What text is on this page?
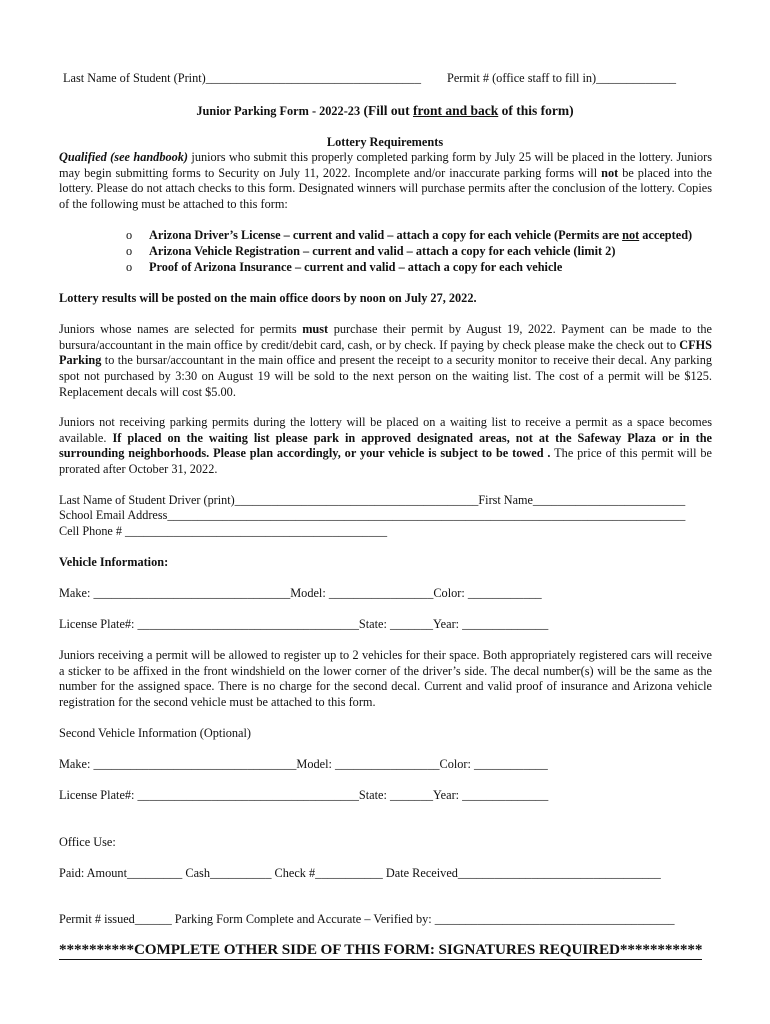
Last Name of Student (Print)___________________________________ Permit # (office staff to fill in)_____________
Junior Parking Form - 2022-23 (Fill out front and back of this form)
Lottery Requirements
Qualified (see handbook) juniors who submit this properly completed parking form by July 25 will be placed in the lottery. Juniors may begin submitting forms to Security on July 11, 2022. Incomplete and/or inaccurate parking forms will not be placed into the lottery. Please do not attach checks to this form. Designated winners will purchase permits after the conclusion of the lottery. Copies of the following must be attached to this form:
o Arizona Driver’s License – current and valid – attach a copy for each vehicle (Permits are not accepted)
o Arizona Vehicle Registration – current and valid – attach a copy for each vehicle (limit 2)
o Proof of Arizona Insurance – current and valid – attach a copy for each vehicle
Lottery results will be posted on the main office doors by noon on July 27, 2022.
Juniors whose names are selected for permits must purchase their permit by August 19, 2022. Payment can be made to the bursura/accountant in the main office by credit/debit card, cash, or by check. If paying by check please make the check out to CFHS Parking to the bursar/accountant in the main office and present the receipt to a security monitor to receive their decal. Any parking spot not purchased by 3:30 on August 19 will be sold to the next person on the waiting list. The cost of a permit will be $125. Replacement decals will cost $5.00.
Juniors not receiving parking permits during the lottery will be placed on a waiting list to receive a permit as a space becomes available. If placed on the waiting list please park in approved designated areas, not at the Safeway Plaza or in the surrounding neighborhoods. Please plan accordingly, or your vehicle is subject to be towed . The price of this permit will be prorated after October 31, 2022.
Last Name of Student Driver (print)________________________________________First Name_________________________
School Email Address_____________________________________________________________________________________
Cell Phone # ___________________________________________
Vehicle Information:
Make: ________________________________Model: _________________Color: ____________
License Plate#: ____________________________________State: _______Year: ______________
Juniors receiving a permit will be allowed to register up to 2 vehicles for their space. Both appropriately registered cars will receive a sticker to be affixed in the front windshield on the lower corner of the driver’s side. The decal number(s) will be the same as the number for the assigned space. There is no charge for the second decal. Current and valid proof of insurance and Arizona vehicle registration for the second vehicle must be attached to this form.
Second Vehicle Information (Optional)
Make: _________________________________Model: _________________Color: ____________
License Plate#: ____________________________________State: _______Year: ______________
Office Use:
Paid: Amount_________ Cash__________ Check #___________ Date Received_________________________________
Permit # issued______ Parking Form Complete and Accurate – Verified by: _______________________________________
**********COMPLETE OTHER SIDE OF THIS FORM: SIGNATURES REQUIRED***********
